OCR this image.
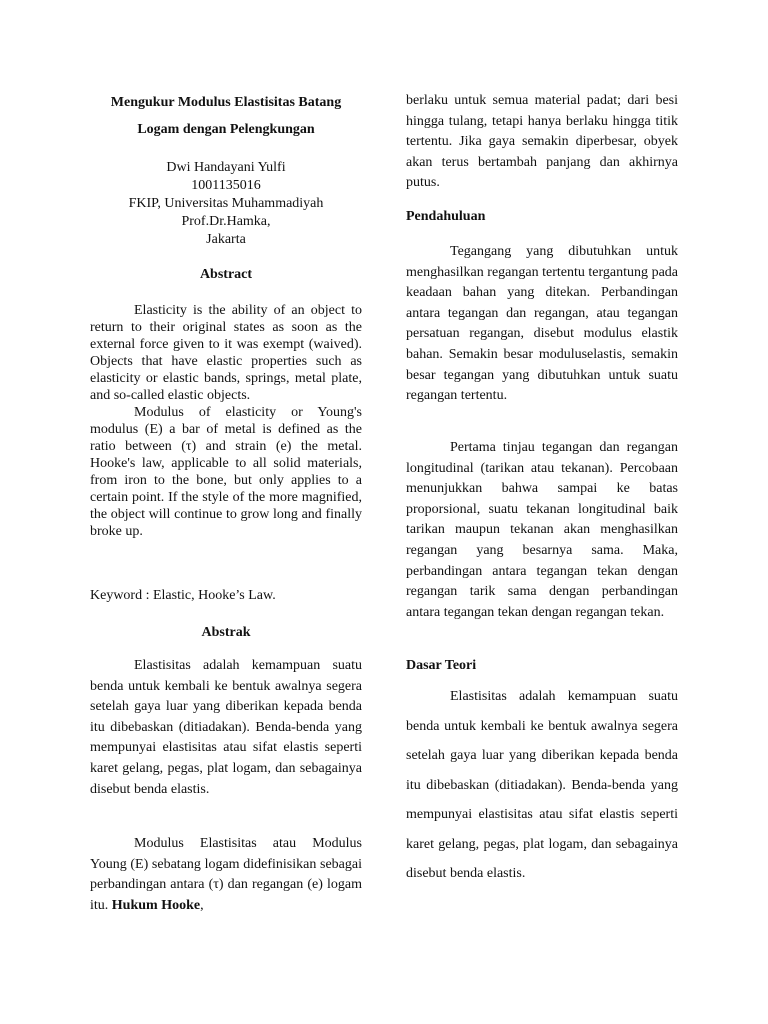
Mengukur Modulus Elastisitas Batang
Logam dengan Pelengkungan
Dwi Handayani Yulfi
1001135016
FKIP, Universitas Muhammadiyah
Prof.Dr.Hamka,
Jakarta
Abstract

Elasticity is the ability of an object to return to their original states as soon as the external force given to it was exempt (waived). Objects that have elastic properties such as elasticity or elastic bands, springs, metal plate, and so-called elastic objects.

Modulus of elasticity or Young's modulus (E) a bar of metal is defined as the ratio between (τ) and strain (e) the metal. Hooke's law, applicable to all solid materials, from iron to the bone, but only applies to a certain point. If the style of the more magnified, the object will continue to grow long and finally broke up.

Keyword : Elastic, Hooke’s Law.
Abstrak

Elastisitas adalah kemampuan suatu benda untuk kembali ke bentuk awalnya segera setelah gaya luar yang diberikan kepada benda itu dibebaskan (ditiadakan). Benda-benda yang mempunyai elastisitas atau sifat elastis seperti karet gelang, pegas, plat logam, dan sebagainya disebut benda elastis.

Modulus Elastisitas atau Modulus Young (E) sebatang logam didefinisikan sebagai perbandingan antara (τ) dan regangan (e) logam itu. Hukum Hooke,

berlaku untuk semua material padat; dari besi hingga tulang, tetapi hanya berlaku hingga titik tertentu. Jika gaya semakin diperbesar, obyek akan terus bertambah panjang dan akhirnya putus.

Pendahuluan

Tegangang yang dibutuhkan untuk menghasilkan regangan tertentu tergantung pada keadaan bahan yang ditekan. Perbandingan antara tegangan dan regangan, atau tegangan persatuan regangan, disebut modulus elastik bahan. Semakin besar moduluselastis, semakin besar tegangan yang dibutuhkan untuk suatu regangan tertentu.

Pertama tinjau tegangan dan regangan longitudinal (tarikan atau tekanan). Percobaan menunjukkan bahwa sampai ke batas proporsional, suatu tekanan longitudinal baik tarikan maupun tekanan akan menghasilkan regangan yang besarnya sama. Maka, perbandingan antara tegangan tekan dengan regangan tarik sama dengan perbandingan antara tegangan tekan dengan regangan tekan.

Dasar Teori

Elastisitas adalah kemampuan suatu benda untuk kembali ke bentuk awalnya segera setelah gaya luar yang diberikan kepada benda itu dibebaskan (ditiadakan). Benda-benda yang mempunyai elastisitas atau sifat elastis seperti karet gelang, pegas, plat logam, dan sebagainya disebut benda elastis.
